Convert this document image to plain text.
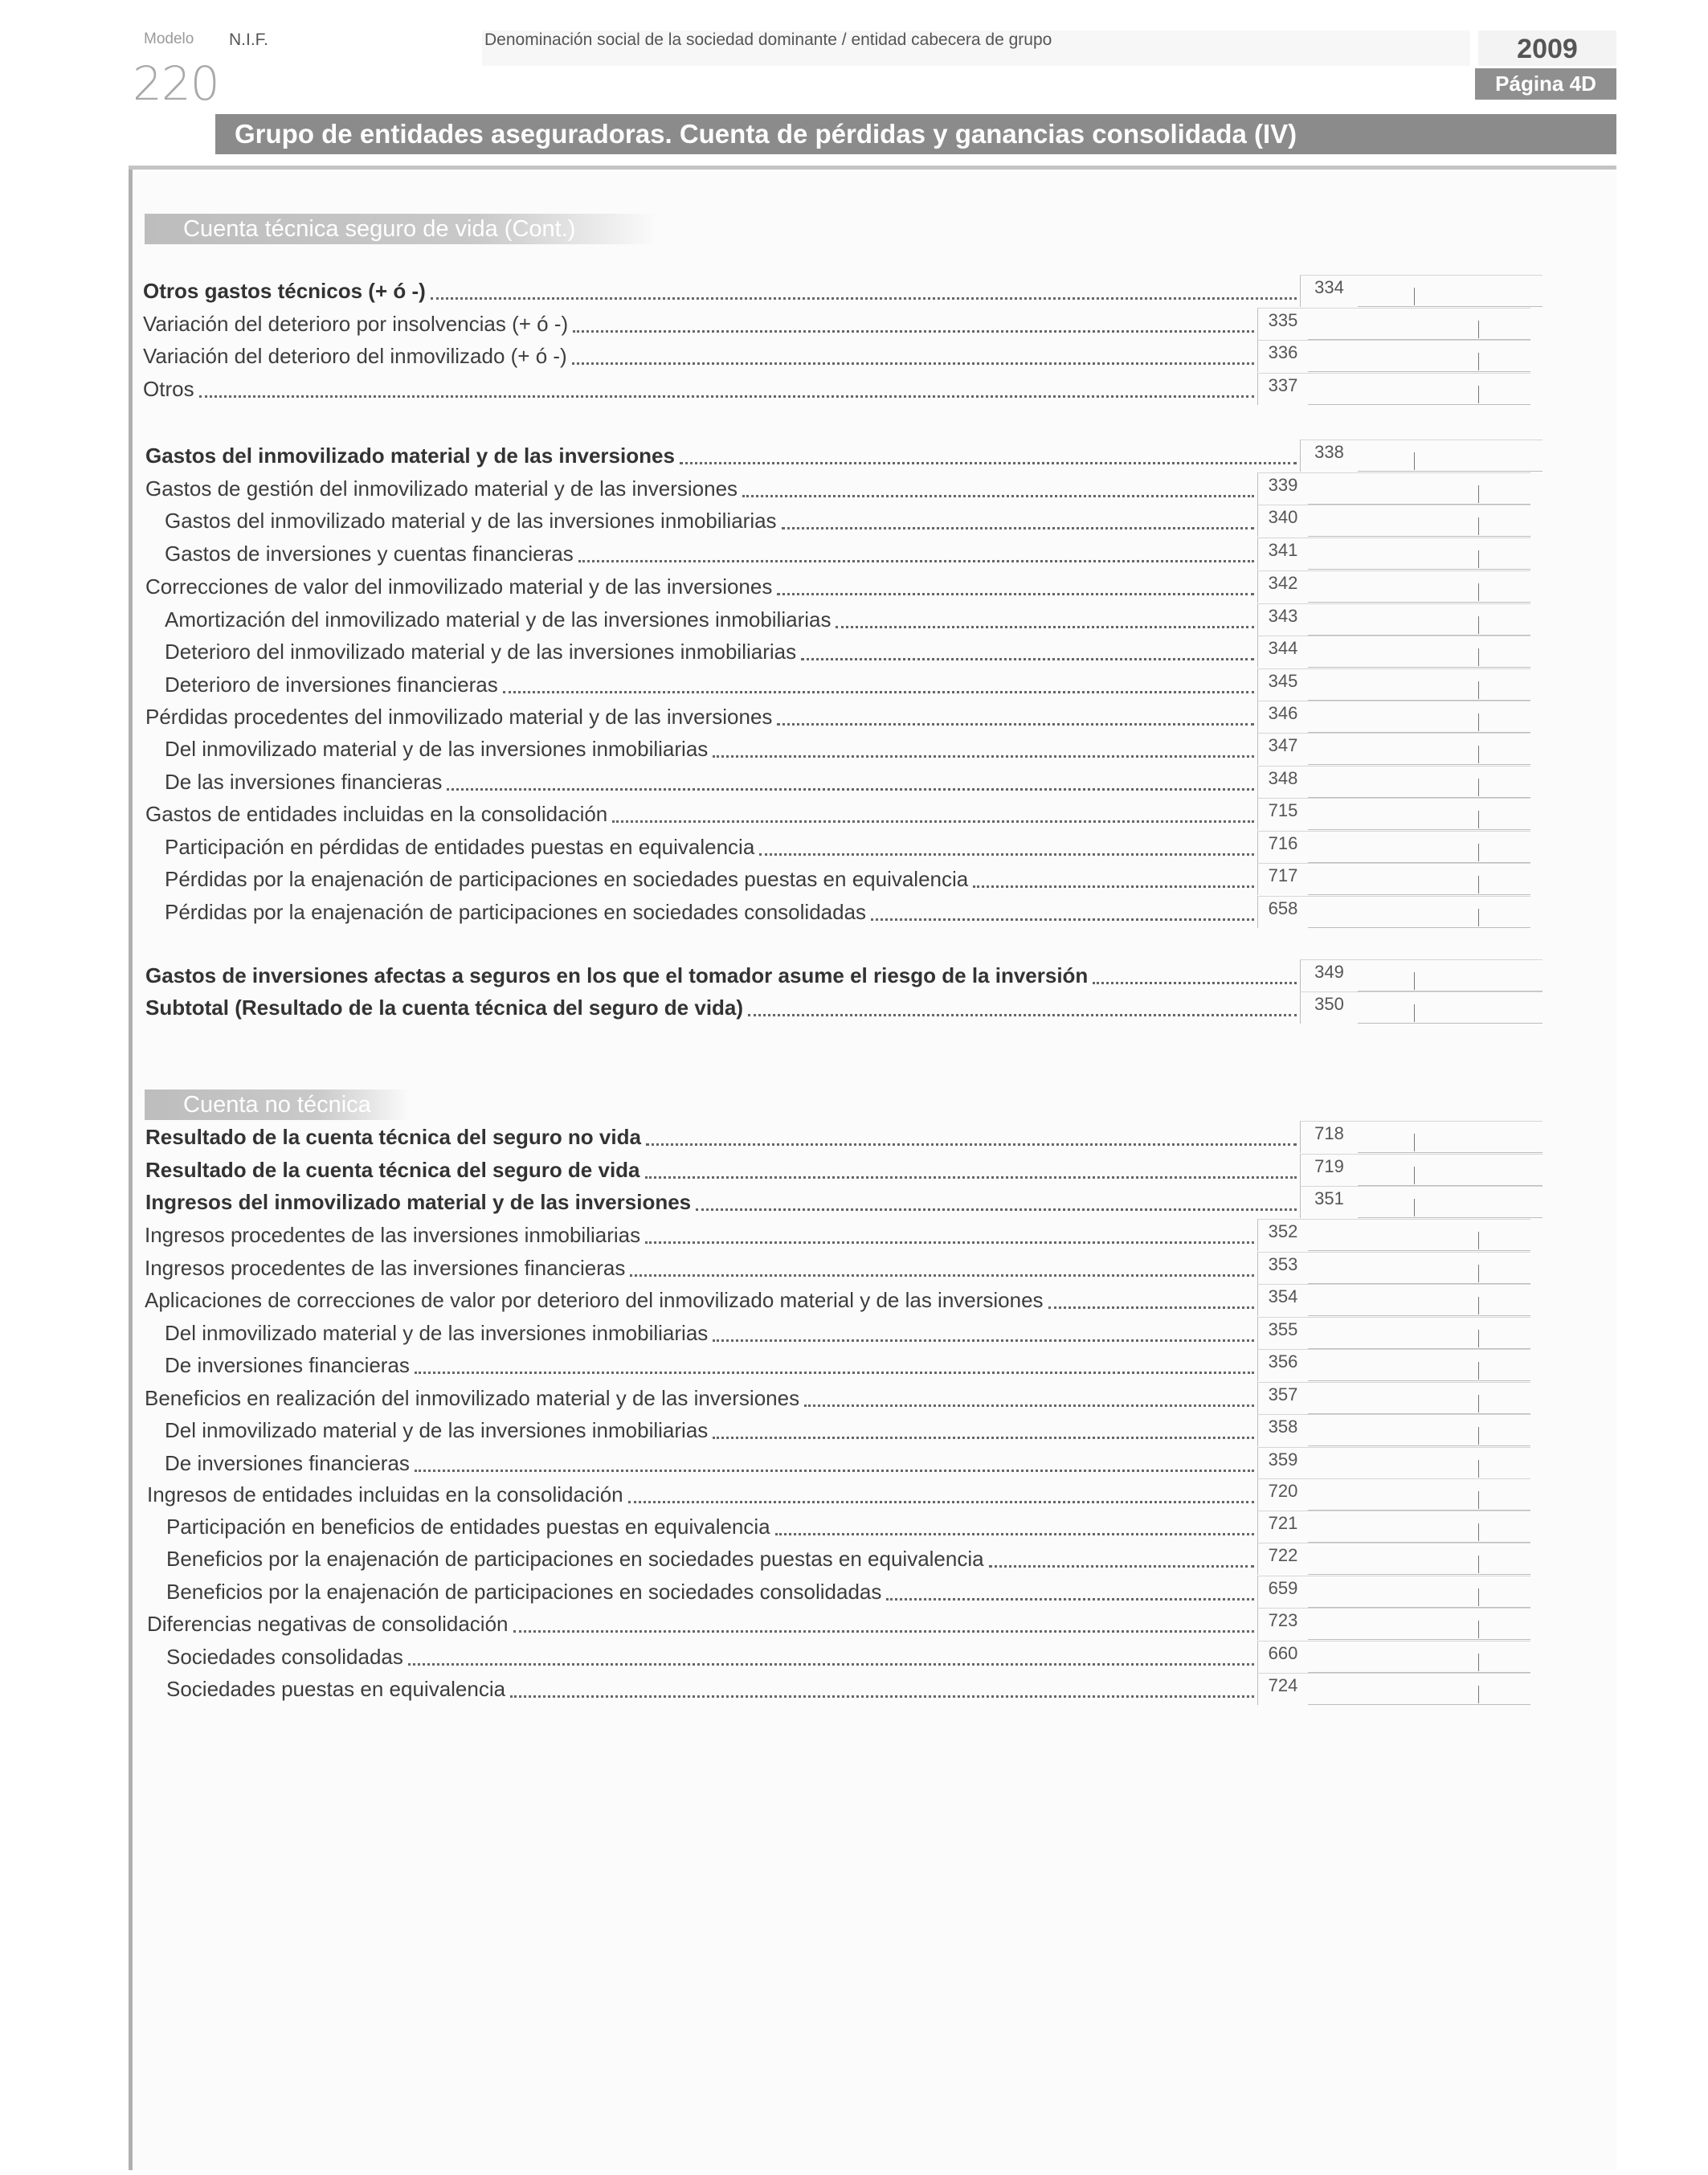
Modelo N.I.F.	Denominación social de la sociedad dominante / entidad cabecera de grupo
220
2009
Página 4D
Grupo de entidades aseguradoras. Cuenta de pérdidas y ganancias consolidada (IV)
Cuenta técnica seguro de vida (Cont.)
Cuenta no técnica
Otros gastos técnicos (+ ó -)	334
Variación del deterioro por insolvencias (+ ó -)	335
Variación del deterioro del inmovilizado (+ ó -)	336
Otros	337
Gastos del inmovilizado material y de las inversiones	338
Gastos de gestión del inmovilizado material y de las inversiones	339
Gastos del inmovilizado material y de las inversiones inmobiliarias	340
Gastos de inversiones y cuentas financieras	341
Correcciones de valor del inmovilizado material y de las inversiones	342
Amortización del inmovilizado material y de las inversiones inmobiliarias	343
Deterioro del inmovilizado material y de las inversiones inmobiliarias	344
Deterioro de inversiones financieras	345
Pérdidas procedentes del inmovilizado material y de las inversiones	346
Del inmovilizado material y de las inversiones inmobiliarias	347
De las inversiones financieras	348
Gastos de entidades incluidas en la consolidación	715
Participación en pérdidas de entidades puestas en equivalencia	716
Pérdidas por la enajenación de participaciones en sociedades puestas en equivalencia	717
Pérdidas por la enajenación de participaciones en sociedades consolidadas	658
Gastos de inversiones afectas a seguros en los que el tomador asume el riesgo de la inversión	349
Subtotal (Resultado de la cuenta técnica del seguro de vida)	350
Resultado de la cuenta técnica del seguro no vida	718
Resultado de la cuenta técnica del seguro de vida	719
Ingresos del inmovilizado material y de las inversiones	351
Ingresos procedentes de las inversiones inmobiliarias	352
Ingresos procedentes de las inversiones financieras	353
Aplicaciones de correcciones de valor por deterioro del inmovilizado material y de las inversiones	354
Del inmovilizado material y de las inversiones inmobiliarias	355
De inversiones financieras	356
Beneficios en realización del inmovilizado material y de las inversiones	357
Del inmovilizado material y de las inversiones inmobiliarias	358
De inversiones financieras	359
Ingresos de entidades incluidas en la consolidación	720
Participación en beneficios de entidades puestas en equivalencia	721
Beneficios por la enajenación de participaciones en sociedades puestas en equivalencia	722
Beneficios por la enajenación de participaciones en sociedades consolidadas	659
Diferencias negativas de consolidación	723
Sociedades consolidadas	660
Sociedades puestas en equivalencia	724
